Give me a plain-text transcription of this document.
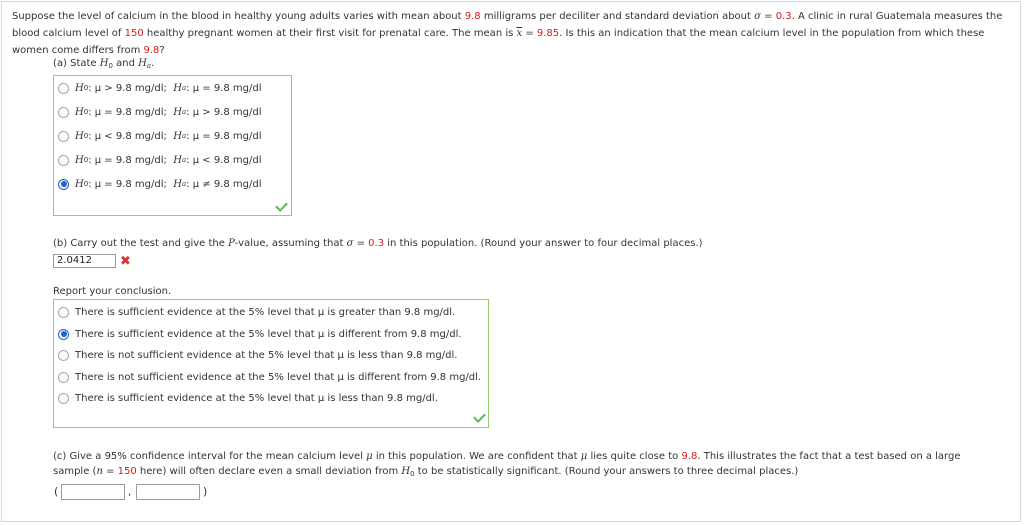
Suppose the level of calcium in the blood in healthy young adults varies with mean about 9.8 milligrams per deciliter and standard deviation about σ = 0.3. A clinic in rural Guatemala measures the blood calcium level of 150 healthy pregnant women at their first visit for prenatal care. The mean is $\overline{x} = 9.85$. Is this an indication that the mean calcium level in the population from which these women come differs from 9.8?
(a) State $H_0$ and $H_a$.
H 0 : μ > 9.8 mg/dl;
H a : μ = 9.8 mg/dl
H 0 : μ = 9.8 mg/dl;
H a : μ > 9.8 mg/dl
H 0 : μ < 9.8 mg/dl;
H a : μ = 9.8 mg/dl
H 0 : μ = 9.8 mg/dl;
H a : μ < 9.8 mg/dl
H 0 : μ = 9.8 mg/dl;
H a : μ ≠ 9.8 mg/dl
(b) Carry out the test and give the P-value, assuming that σ = 0.3 in this population. (Round your answer to four decimal places.)
2.0412	✖
Report your conclusion.
There is sufficient evidence at the 5% level that μ is greater than 9.8 mg/dl.
There is sufficient evidence at the 5% level that μ is different from 9.8 mg/dl.
There is not sufficient evidence at the 5% level that μ is less than 9.8 mg/dl.
There is not sufficient evidence at the 5% level that μ is different from 9.8 mg/dl.
There is sufficient evidence at the 5% level that μ is less than 9.8 mg/dl.
(c) Give a 95% confidence interval for the mean calcium level μ in this population. We are confident that μ lies quite close to 9.8. This illustrates the fact that a test based on a large
sample (n = 150 here) will often declare even a small deviation from $H_0$ to be statistically significant. (Round your answers to three decimal places.)
(	,	)
